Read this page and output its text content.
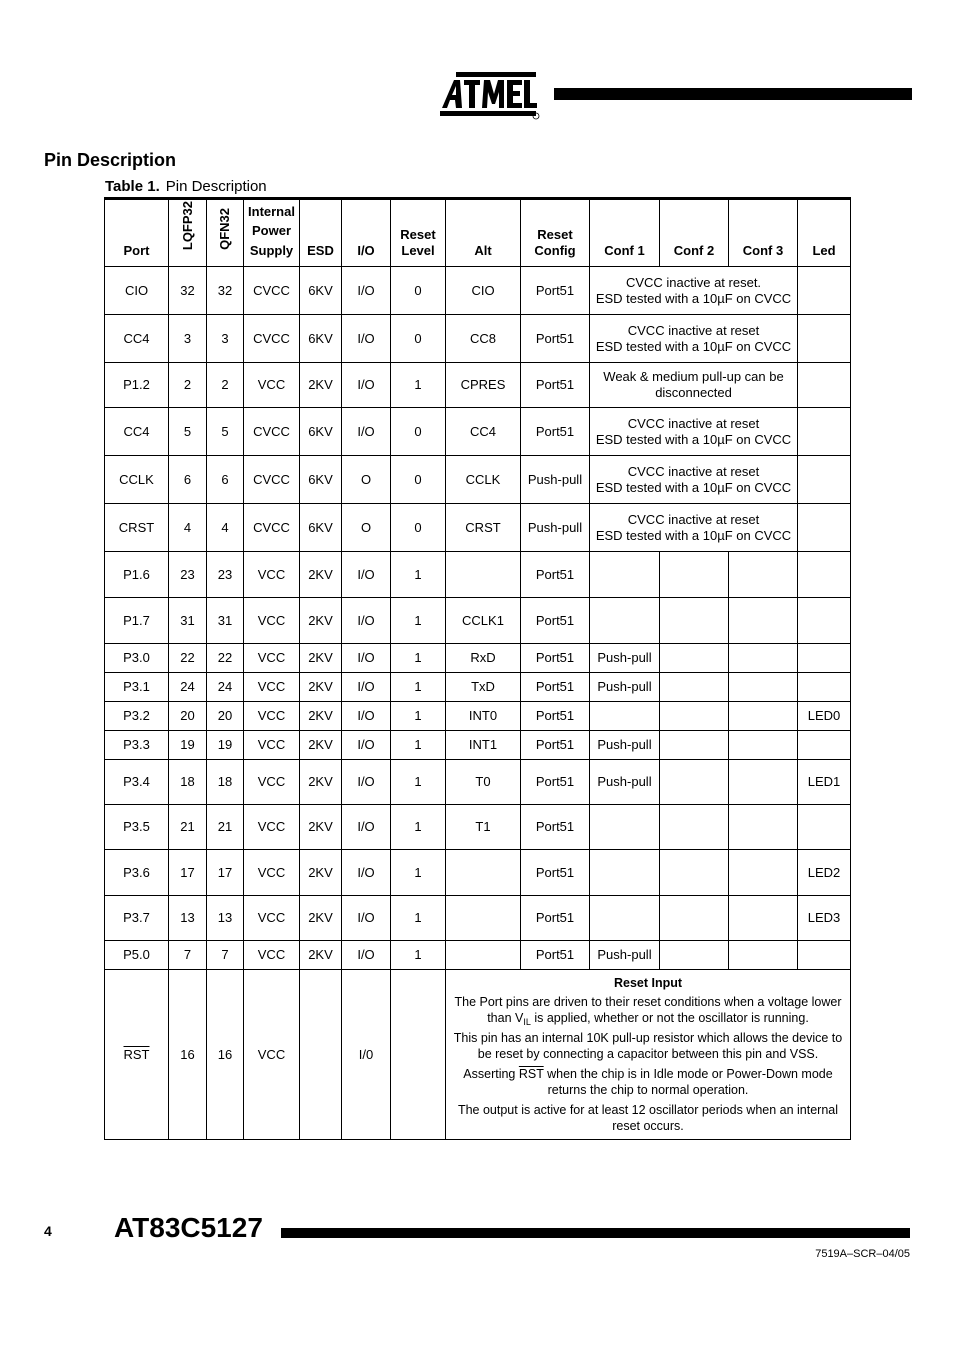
Pin Description
Table 1. Pin Description
Port	LQFP32	QFN32	Internal
Power
Supply	ESD	I/O	Reset
Level	Alt	Reset
Config	Conf 1	Conf 2	Conf 3	Led
CIO	32	32	CVCC	6KV	I/O	0	CIO	Port51	CVCC inactive at reset.
ESD tested with a 10µF on CVCC			
CC4	3	3	CVCC	6KV	I/O	0	CC8	Port51	CVCC inactive at reset
ESD tested with a 10µF on CVCC			
P1.2	2	2	VCC	2KV	I/O	1	CPRES	Port51	Weak & medium pull-up can be
disconnected			
CC4	5	5	CVCC	6KV	I/O	0	CC4	Port51	CVCC inactive at reset
ESD tested with a 10µF on CVCC			
CCLK	6	6	CVCC	6KV	O	0	CCLK	Push-pull	CVCC inactive at reset
ESD tested with a 10µF on CVCC			
CRST	4	4	CVCC	6KV	O	0	CRST	Push-pull	CVCC inactive at reset
ESD tested with a 10µF on CVCC			
P1.6	23	23	VCC	2KV	I/O	1		Port51				
P1.7	31	31	VCC	2KV	I/O	1	CCLK1	Port51				
P3.0	22	22	VCC	2KV	I/O	1	RxD	Port51	Push-pull			
P3.1	24	24	VCC	2KV	I/O	1	TxD	Port51	Push-pull			
P3.2	20	20	VCC	2KV	I/O	1	INT0	Port51				LED0
P3.3	19	19	VCC	2KV	I/O	1	INT1	Port51	Push-pull			
P3.4	18	18	VCC	2KV	I/O	1	T0	Port51	Push-pull			LED1
P3.5	21	21	VCC	2KV	I/O	1	T1	Port51				
P3.6	17	17	VCC	2KV	I/O	1		Port51				LED2
P3.7	13	13	VCC	2KV	I/O	1		Port51				LED3
P5.0	7	7	VCC	2KV	I/O	1		Port51	Push-pull			
$\overline{RST}$	16	16	VCC		I/0		Reset Input

The Port pins are driven to their reset conditions when a voltage lower than $V_{IL}$ is applied, whether or not the oscillator is running.

This pin has an internal 10K pull-up resistor which allows the device to be reset by connecting a capacitor between this pin and VSS.

Asserting $\overline{RST}$ when the chip is in Idle mode or Power-Down mode returns the chip to normal operation.

The output is active for at least 12 oscillator periods when an internal reset occurs.					

4 AT83C5127
7519A–SCR–04/05
